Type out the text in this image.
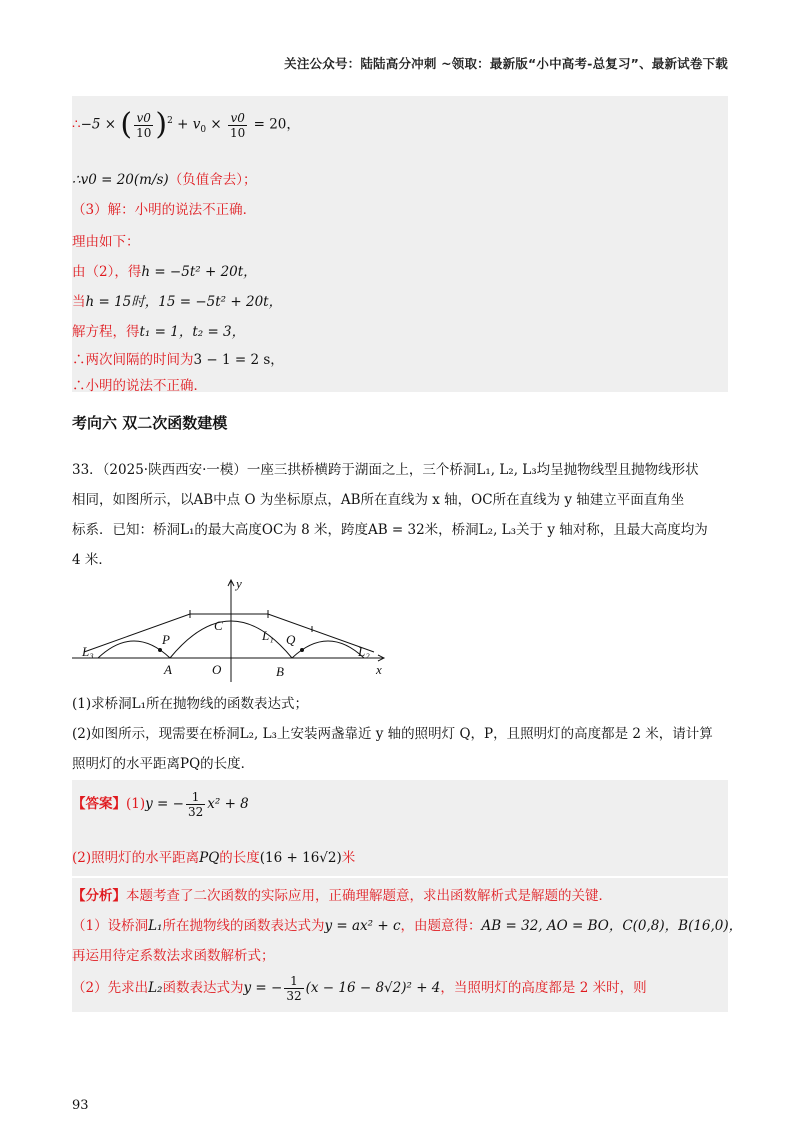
关注公众号：陆陆高分冲刺 ~领取：最新版“小中高考-总复习”、最新试卷下载
∴−5 × ( $\frac{v0}{10} )^2 + v_0 \times \frac{v0}{10} = 20$，
∴v0 = 20(m/s)（负值舍去）；
（3）解：小明的说法不正确．
理由如下：
由（2），得h = −5t² + 20t，
当h = 15时，15 = −5t² + 20t，
解方程，得t₁ = 1，t₂ = 3，
∴两次间隔的时间为3 − 1 = 2 s，
∴小明的说法不正确．
考向六 双二次函数建模
33．（2025·陕西西安·一模）一座三拱桥横跨于湖面之上，三个桥洞L₁, L₂, L₃均呈抛物线型且抛物线形状
相同，如图所示，以AB中点 O 为坐标原点，AB所在直线为 x 轴，OC所在直线为 y 轴建立平面直角坐
标系．已知：桥洞L₁的最大高度OC为 8 米，跨度AB = 32米，桥洞L₂, L₃关于 y 轴对称，且最大高度均为
4 米．
y
x
C
P	Q
L₁
L₂
L₃
A	O	B
(1)求桥洞L₁所在抛物线的函数表达式；
(2)如图所示，现需要在桥洞L₂, L₃上安装两盏靠近 y 轴的照明灯 Q，P，且照明灯的高度都是 2 米，请计算
照明灯的水平距离PQ的长度．
【答案】(1)y = − $\frac{1}{32} x^2 + 8$
(2)照明灯的水平距离PQ的长度(16 + 16√2)米
【分析】本题考查了二次函数的实际应用，正确理解题意，求出函数解析式是解题的关键．
（1）设桥洞L₁所在抛物线的函数表达式为y = ax² + c，由题意得：AB = 32, AO = BO，C(0,8)，B(16,0)，
再运用待定系数法求函数解析式；
（2）先求出L₂函数表达式为y = − $\frac{1}{32} (x - 16 - 8√2)^2 + 4$，当照明灯的高度都是 2 米时，则
93
